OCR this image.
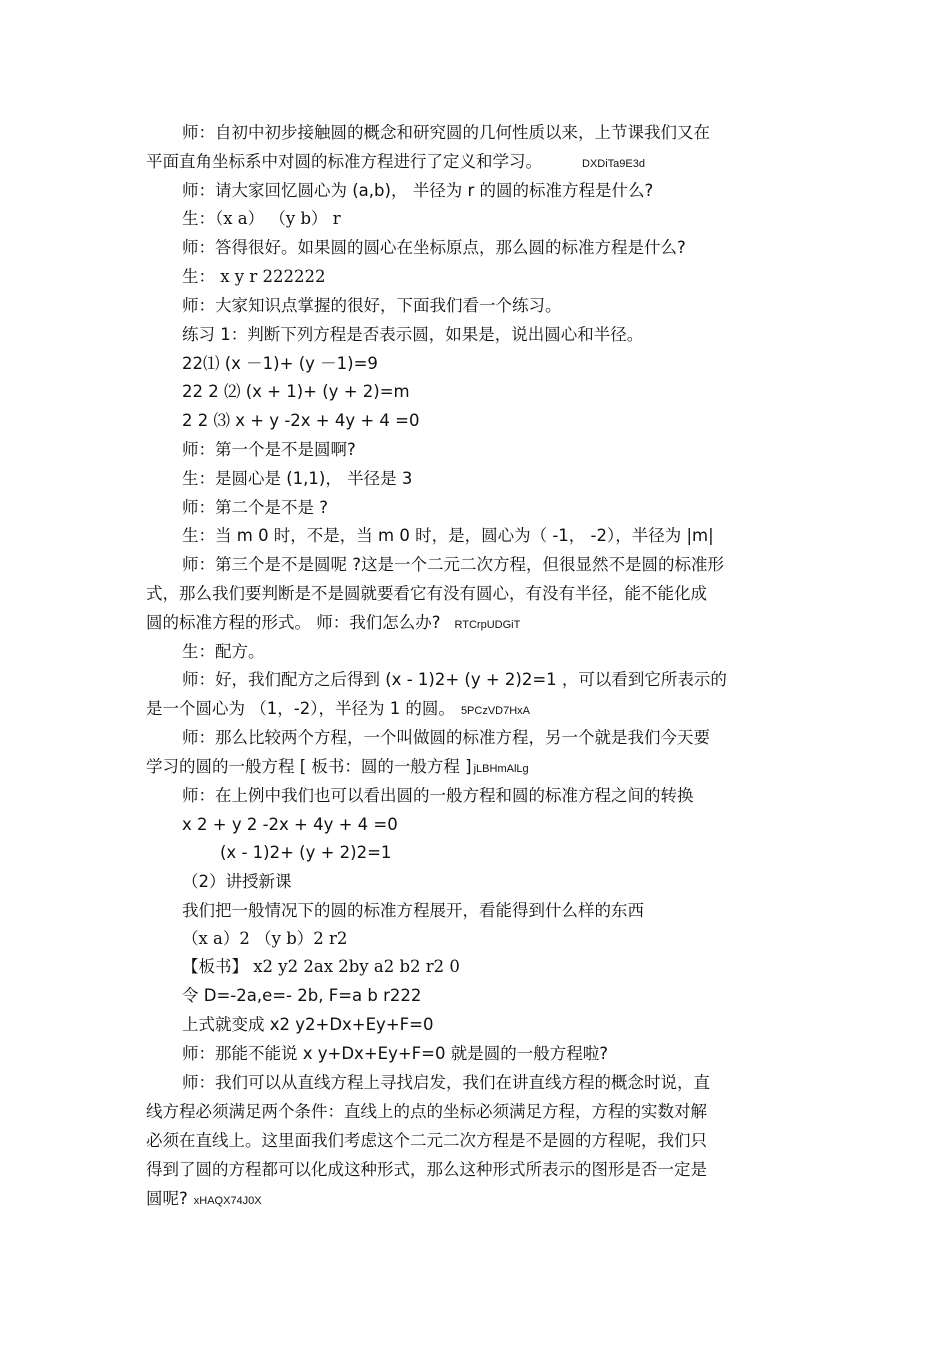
师：自初中初步接触圆的概念和研究圆的几何性质以来，上节课我们又在
平面直角坐标系中对圆的标准方程进行了定义和学习。	DXDiTa9E3d
师：请大家回忆圆心为 (a,b)， 半径为 r 的圆的标准方程是什么?
生：（x a） （y b） r
师：答得很好。如果圆的圆心在坐标原点，那么圆的标准方程是什么?
生： x y r 222222
师：大家知识点掌握的很好，下面我们看一个练习。
练习 1：判断下列方程是否表示圆，如果是，说出圆心和半径。
22⑴ (x －1)+ (y －1)=9
22 2 ⑵ (x + 1)+ (y + 2)=m
2 2 ⑶ x + y -2x + 4y + 4 =0
师：第一个是不是圆啊?
生：是圆心是 (1,1)， 半径是 3
师：第二个是不是 ?
生：当 m 0 时，不是，当 m 0 时，是，圆心为（ -1， -2），半径为 |m|
师：第三个是不是圆呢 ?这是一个二元二次方程，但很显然不是圆的标准形
式，那么我们要判断是不是圆就要看它有没有圆心，有没有半径，能不能化成
圆的标准方程的形式。 师：我们怎么办? RTCrpUDGiT
生：配方。
师：好，我们配方之后得到 (x - 1)2+ (y + 2)2=1 ，可以看到它所表示的
是一个圆心为 （1，-2），半径为 1 的圆。 5PCzVD7HxA
师：那么比较两个方程，一个叫做圆的标准方程，另一个就是我们今天要
学习的圆的一般方程 [ 板书：圆的一般方程 ] jLBHmAlLg
师：在上例中我们也可以看出圆的一般方程和圆的标准方程之间的转换
x 2 + y 2 -2x + 4y + 4 =0
(x - 1)2+ (y + 2)2=1
（2）讲授新课
我们把一般情况下的圆的标准方程展开，看能得到什么样的东西
（x a）2 （y b）2 r2
【板书】 x2 y2 2ax 2by a2 b2 r2 0
令 D=-2a,e=- 2b, F=a b r222
上式就变成 x2 y2+Dx+Ey+F=0
师：那能不能说 x y+Dx+Ey+F=0 就是圆的一般方程啦?
师：我们可以从直线方程上寻找启发，我们在讲直线方程的概念时说，直
线方程必须满足两个条件：直线上的点的坐标必须满足方程，方程的实数对解
必须在直线上。这里面我们考虑这个二元二次方程是不是圆的方程呢，我们只
得到了圆的方程都可以化成这种形式，那么这种形式所表示的图形是否一定是
圆呢? xHAQX74J0X
